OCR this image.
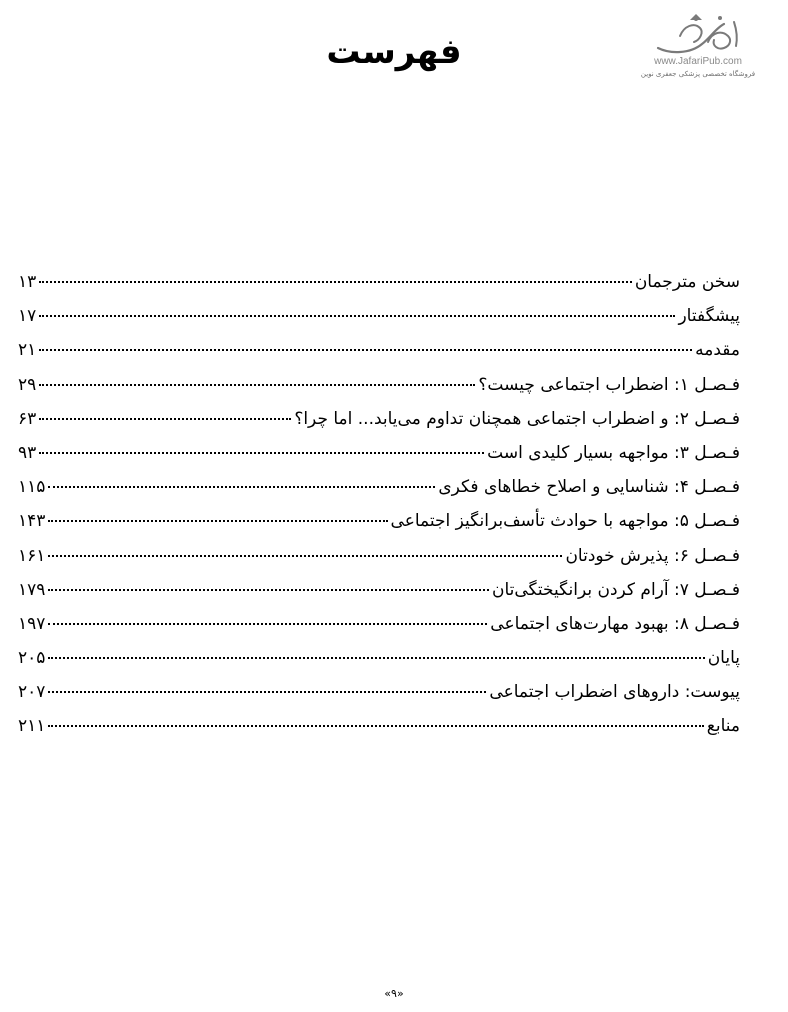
فهرست	www.JafariPub.com
فروشگاه تخصصی پزشکی جعفری نوین
سخن مترجمان
۱۳
پیشگفتار
۱۷
مقدمه
۲۱
فـصـل ۱: اضطراب اجتماعی چیست؟
۲۹
فـصـل ۲: و اضطراب اجتماعی همچنان تداوم می‌یابد... اما چرا؟
۶۳
فـصـل ۳: مواجهه بسیار کلیدی است
۹۳
فـصـل ۴: شناسایی و اصلاح خطاهای فکری
۱۱۵
فـصـل ۵: مواجهه با حوادث تأسف‌برانگیز اجتماعی
۱۴۳
فـصـل ۶: پذیرش خودتان
۱۶۱
فـصـل ۷: آرام کردن برانگیختگی‌تان
۱۷۹
فـصـل ۸: بهبود مهارت‌های اجتماعی
۱۹۷
پایان
۲۰۵
پیوست: داروهای اضطراب اجتماعی
۲۰۷
منابع
۲۱۱
«۹»
